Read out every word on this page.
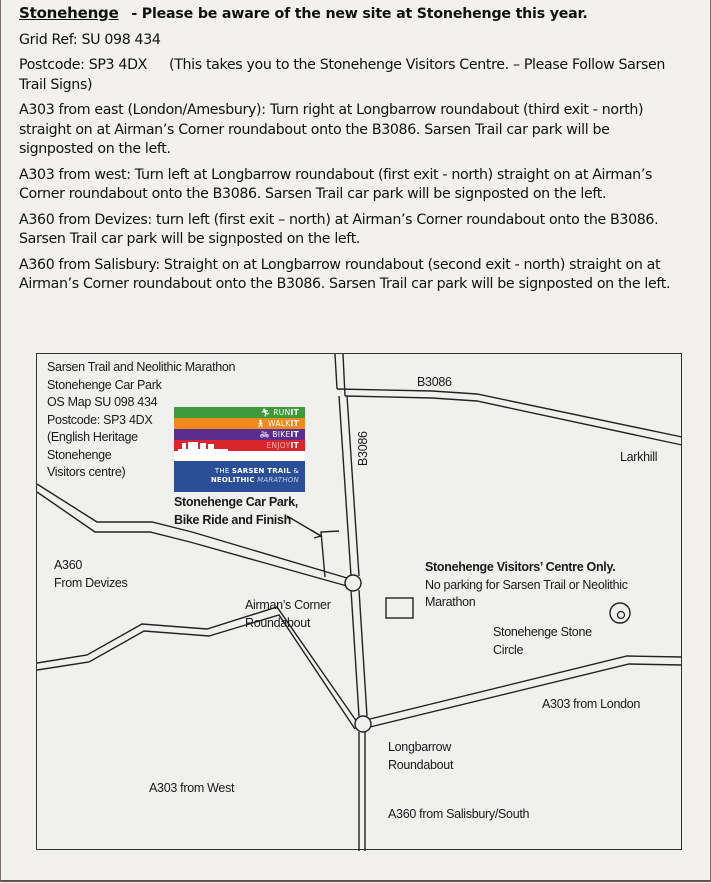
Stonehenge - Please be aware of the new site at Stonehenge this year.

Grid Ref: SU 098 434

Postcode: SP3 4DX (This takes you to the Stonehenge Visitors Centre. – Please Follow Sarsen Trail Signs)

A303 from east (London/Amesbury): Turn right at Longbarrow roundabout (third exit - north) straight on at Airman’s Corner roundabout onto the B3086. Sarsen Trail car park will be signposted on the left.

A303 from west: Turn left at Longbarrow roundabout (first exit - north) straight on at Airman’s Corner roundabout onto the B3086. Sarsen Trail car park will be signposted on the left.

A360 from Devizes: turn left (first exit – north) at Airman’s Corner roundabout onto the B3086. Sarsen Trail car park will be signposted on the left.

A360 from Salisbury: Straight on at Longbarrow roundabout (second exit - north) straight on at Airman’s Corner roundabout onto the B3086. Sarsen Trail car park will be signposted on the left.

Sarsen Trail and Neolithic Marathon
Stonehenge Car Park
OS Map SU 098 434
Postcode: SP3 4DX
(English Heritage
Stonehenge
Visitors centre)
🏃︎ RUNIT
🚶︎ WALKIT
🚲︎ BIKEIT
ENJOYIT
THE SARSEN TRAIL &
NEOLITHIC MARATHON
Stonehenge Car Park,
Bike Ride and Finish
B3086
B3086	Larkhill
A360
From Devizes
Airman’s Corner
Roundabout
Stonehenge Visitors’ Centre Only.
No parking for Sarsen Trail or Neolithic
Marathon
Stonehenge Stone
Circle
A303 from London
Longbarrow
Roundabout
A303 from West
A360 from Salisbury/South
